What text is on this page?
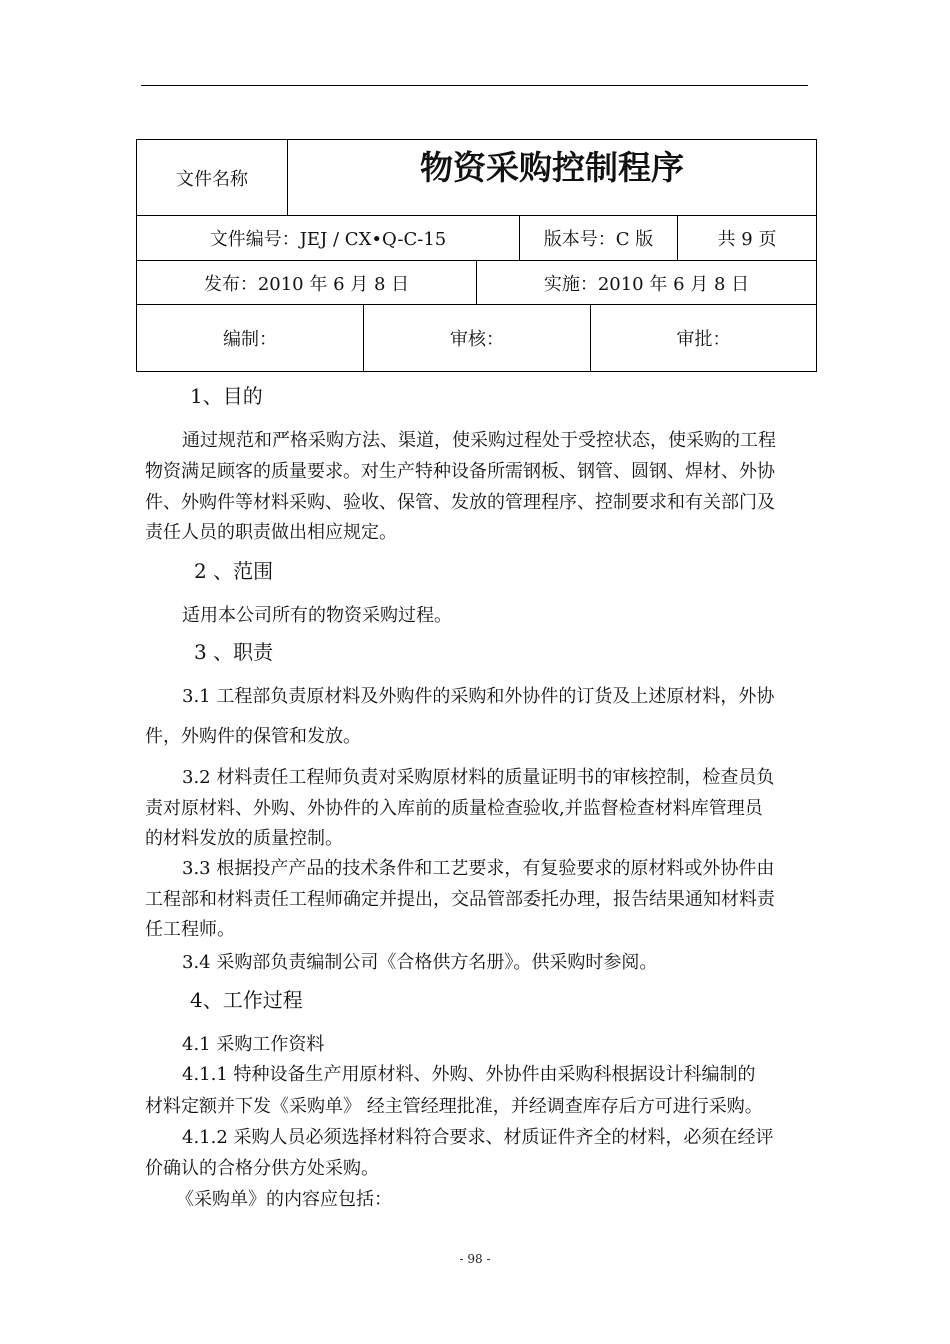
文件名称	物资采购控制程序
文件编号：JEJ / CX•Q-C-15	版本号：C 版	共 9 页
发布：2010 年 6 月 8 日	实施：2010 年 6 月 8 日
编制：	审核：	审批：
1、目的
通过规范和严格采购方法、渠道，使采购过程处于受控状态，使采购的工程
物资满足顾客的质量要求。对生产特种设备所需钢板、钢管、圆钢、焊材、外协
件、外购件等材料采购、验收、保管、发放的管理程序、控制要求和有关部门及
责任人员的职责做出相应规定。
2 、范围
适用本公司所有的物资采购过程。
3 、职责
3.1 工程部负责原材料及外购件的采购和外协件的订货及上述原材料，外协
件，外购件的保管和发放。
3.2 材料责任工程师负责对采购原材料的质量证明书的审核控制，检查员负
责对原材料、外购、外协件的入库前的质量检查验收,并监督检查材料库管理员
的材料发放的质量控制。
3.3 根据投产产品的技术条件和工艺要求，有复验要求的原材料或外协件由
工程部和材料责任工程师确定并提出，交品管部委托办理，报告结果通知材料责
任工程师。
3.4 采购部负责编制公司《合格供方名册》。供采购时参阅。
4、工作过程
4.1 采购工作资料
4.1.1 特种设备生产用原材料、外购、外协件由采购科根据设计科编制的
材料定额并下发《采购单》 经主管经理批准，并经调查库存后方可进行采购。
4.1.2 采购人员必须选择材料符合要求、材质证件齐全的材料，必须在经评
价确认的合格分供方处采购。
《采购单》的内容应包括：
- 98 -
